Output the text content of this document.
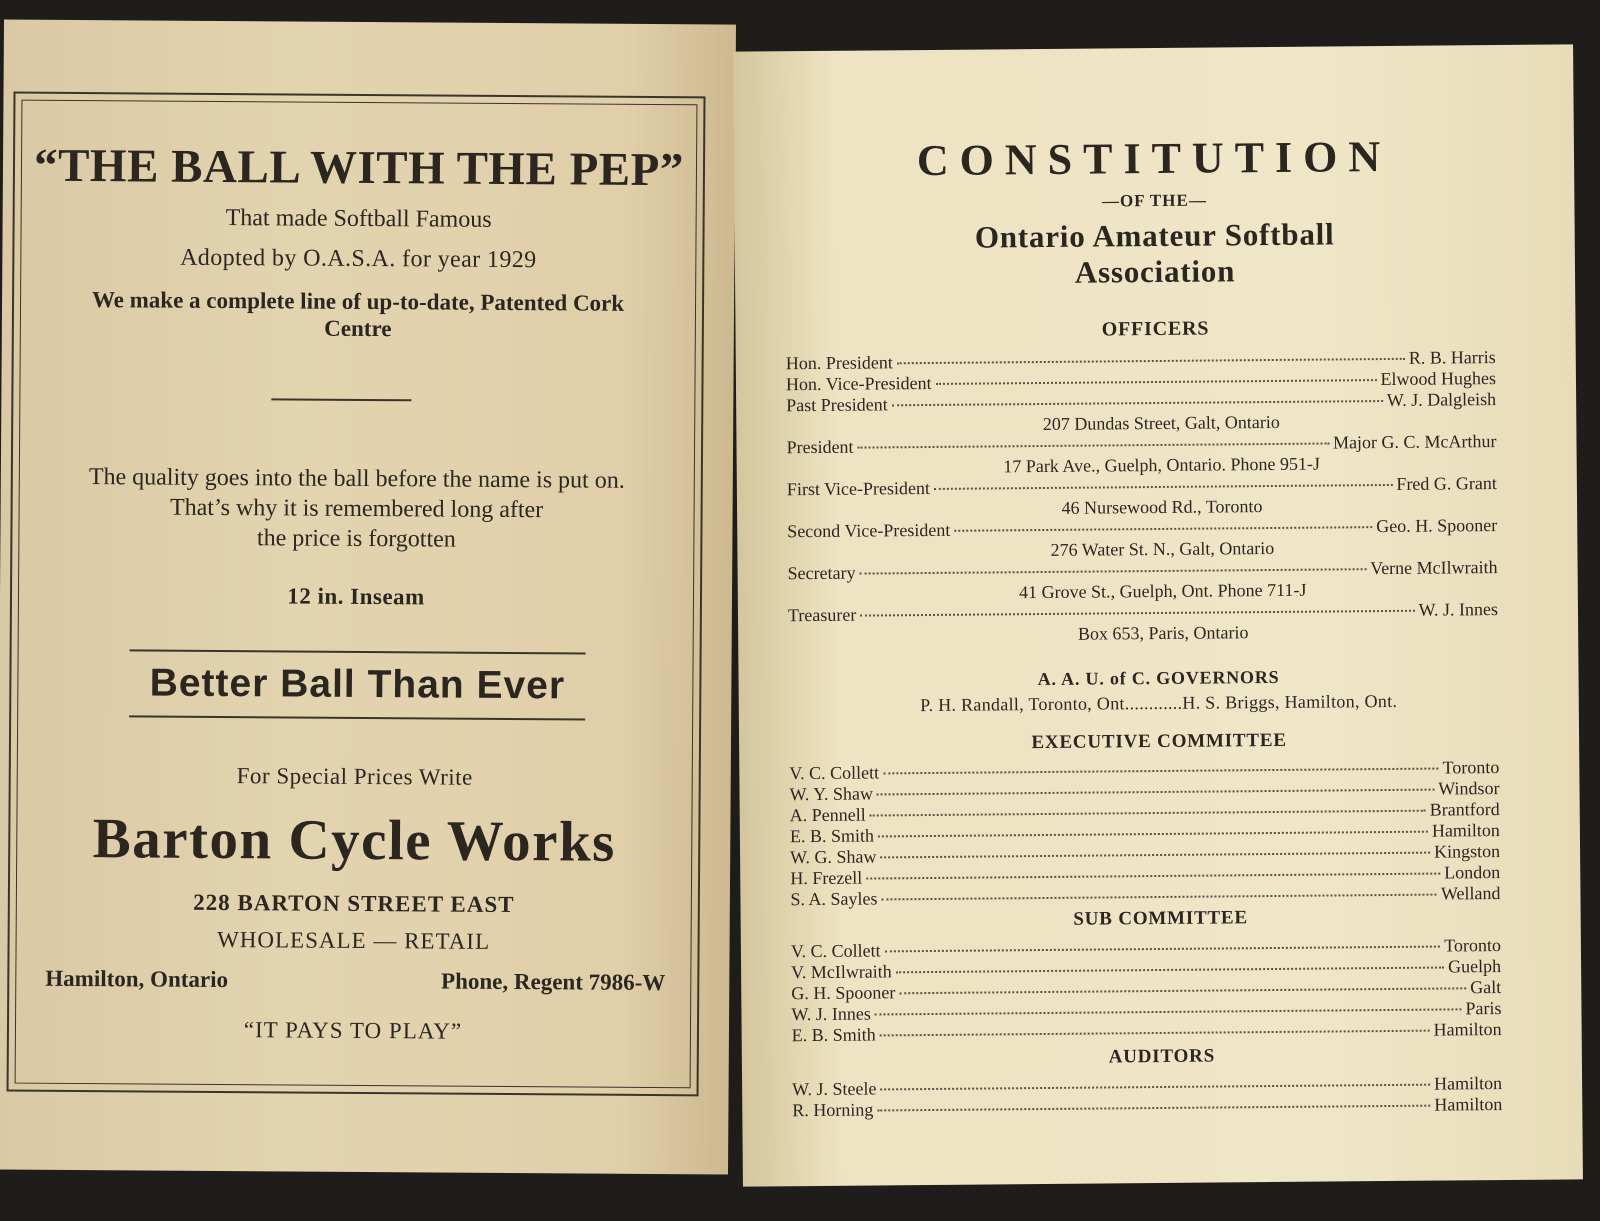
“THE BALL WITH THE PEP”
That made Softball Famous
Adopted by O.A.S.A. for year 1929
We make a complete line of up-to-date, Patented Cork Centre
The quality goes into the ball before the name is put on.
That’s why it is remembered long after
the price is forgotten
12 in. Inseam
Better Ball Than Ever
For Special Prices Write
Barton Cycle Works
228 BARTON STREET EAST
WHOLESALE — RETAIL
Hamilton, Ontario	Phone, Regent 7986-W
“IT PAYS TO PLAY”
CONSTITUTION
—OF THE—
Ontario Amateur Softball
Association
OFFICERS
Hon. President	R. B. Harris
Hon. Vice-President	Elwood Hughes
Past President	W. J. Dalgleish
207 Dundas Street, Galt, Ontario
President	Major G. C. McArthur
17 Park Ave., Guelph, Ontario. Phone 951-J
First Vice-President	Fred G. Grant
46 Nursewood Rd., Toronto
Second Vice-President	Geo. H. Spooner
276 Water St. N., Galt, Ontario
Secretary	Verne McIlwraith
41 Grove St., Guelph, Ont. Phone 711-J
Treasurer	W. J. Innes
Box 653, Paris, Ontario
A. A. U. of C. GOVERNORS
P. H. Randall, Toronto, Ont............H. S. Briggs, Hamilton, Ont.
EXECUTIVE COMMITTEE
V. C. Collett	Toronto
W. Y. Shaw	Windsor
A. Pennell	Brantford
E. B. Smith	Hamilton
W. G. Shaw	Kingston
H. Frezell	London
S. A. Sayles	Welland
SUB COMMITTEE
V. C. Collett	Toronto
V. McIlwraith	Guelph
G. H. Spooner	Galt
W. J. Innes	Paris
E. B. Smith	Hamilton
AUDITORS
W. J. Steele	Hamilton
R. Horning	Hamilton
